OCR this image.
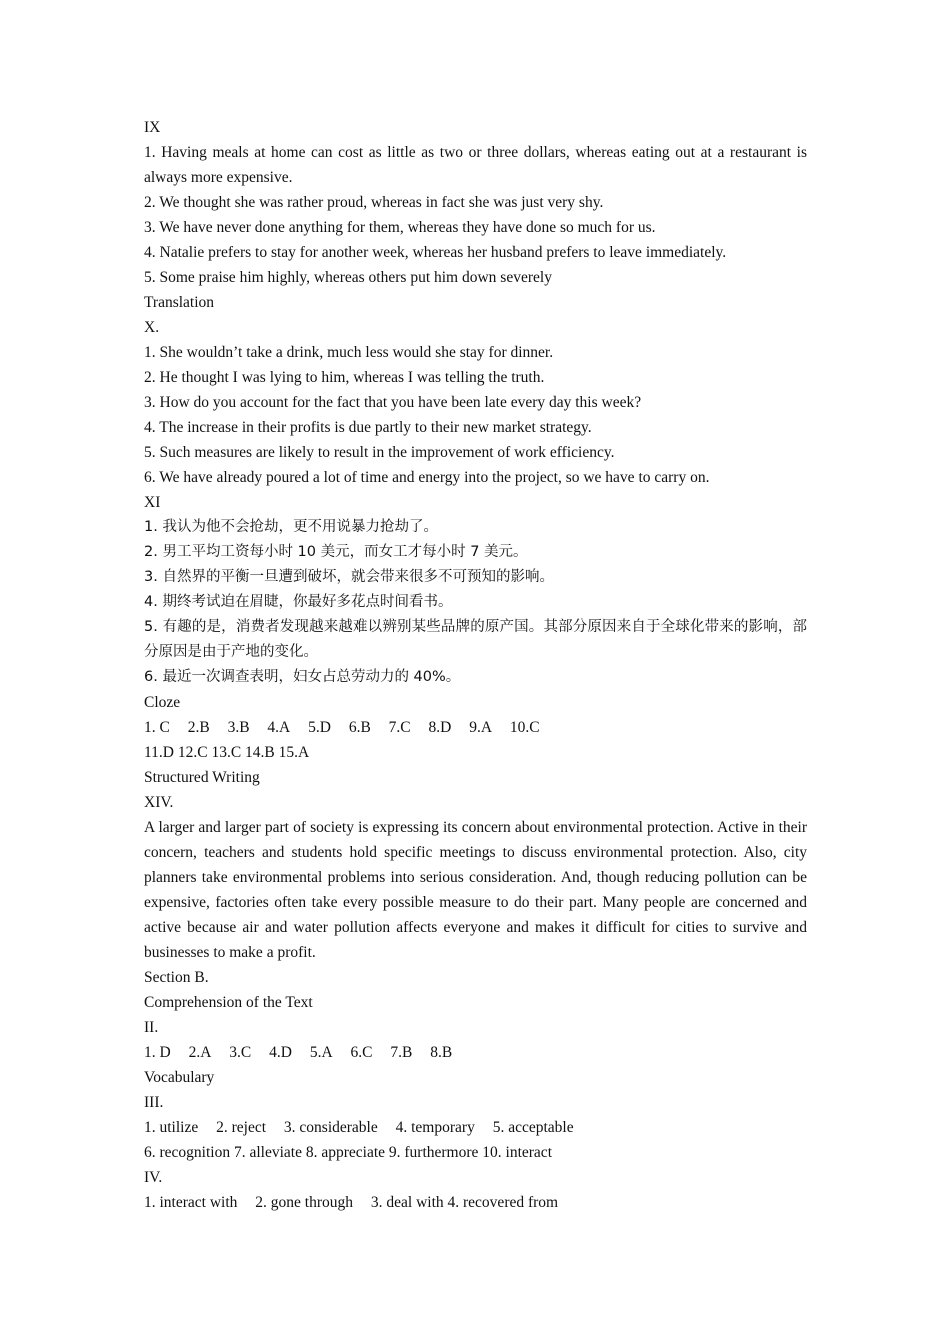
IX
1. Having meals at home can cost as little as two or three dollars, whereas eating out at a restaurant is always more expensive.
2. We thought she was rather proud, whereas in fact she was just very shy.
3. We have never done anything for them, whereas they have done so much for us.
4. Natalie prefers to stay for another week, whereas her husband prefers to leave immediately.
5. Some praise him highly, whereas others put him down severely
Translation
X.
1. She wouldn’t take a drink, much less would she stay for dinner.
2. He thought I was lying to him, whereas I was telling the truth.
3. How do you account for the fact that you have been late every day this week?
4. The increase in their profits is due partly to their new market strategy.
5. Such measures are likely to result in the improvement of work efficiency.
6. We have already poured a lot of time and energy into the project, so we have to carry on.
XI
1. 我认为他不会抢劫，更不用说暴力抢劫了。
2. 男工平均工资每小时 10 美元，而女工才每小时 7 美元。
3. 自然界的平衡一旦遭到破坏，就会带来很多不可预知的影响。
4. 期终考试迫在眉睫，你最好多花点时间看书。
5. 有趣的是，消费者发现越来越难以辨别某些品牌的原产国。其部分原因来自于全球化带来的影响，部分原因是由于产地的变化。
6. 最近一次调查表明，妇女占总劳动力的 40%。
Cloze
1. C 2.B 3.B 4.A 5.D 6.B 7.C 8.D 9.A 10.C
11.D 12.C 13.C 14.B 15.A
Structured Writing
XIV.
A larger and larger part of society is expressing its concern about environmental protection. Active in their concern, teachers and students hold specific meetings to discuss environmental protection. Also, city planners take environmental problems into serious consideration. And, though reducing pollution can be expensive, factories often take every possible measure to do their part. Many people are concerned and active because air and water pollution affects everyone and makes it difficult for cities to survive and businesses to make a profit.
Section B.
Comprehension of the Text
II.
1. D 2.A 3.C 4.D 5.A 6.C 7.B 8.B
Vocabulary
III.
1. utilize 2. reject 3. considerable 4. temporary 5. acceptable
6. recognition 7. alleviate 8. appreciate 9. furthermore 10. interact
IV.
1. interact with 2. gone through 3. deal with 4. recovered from
